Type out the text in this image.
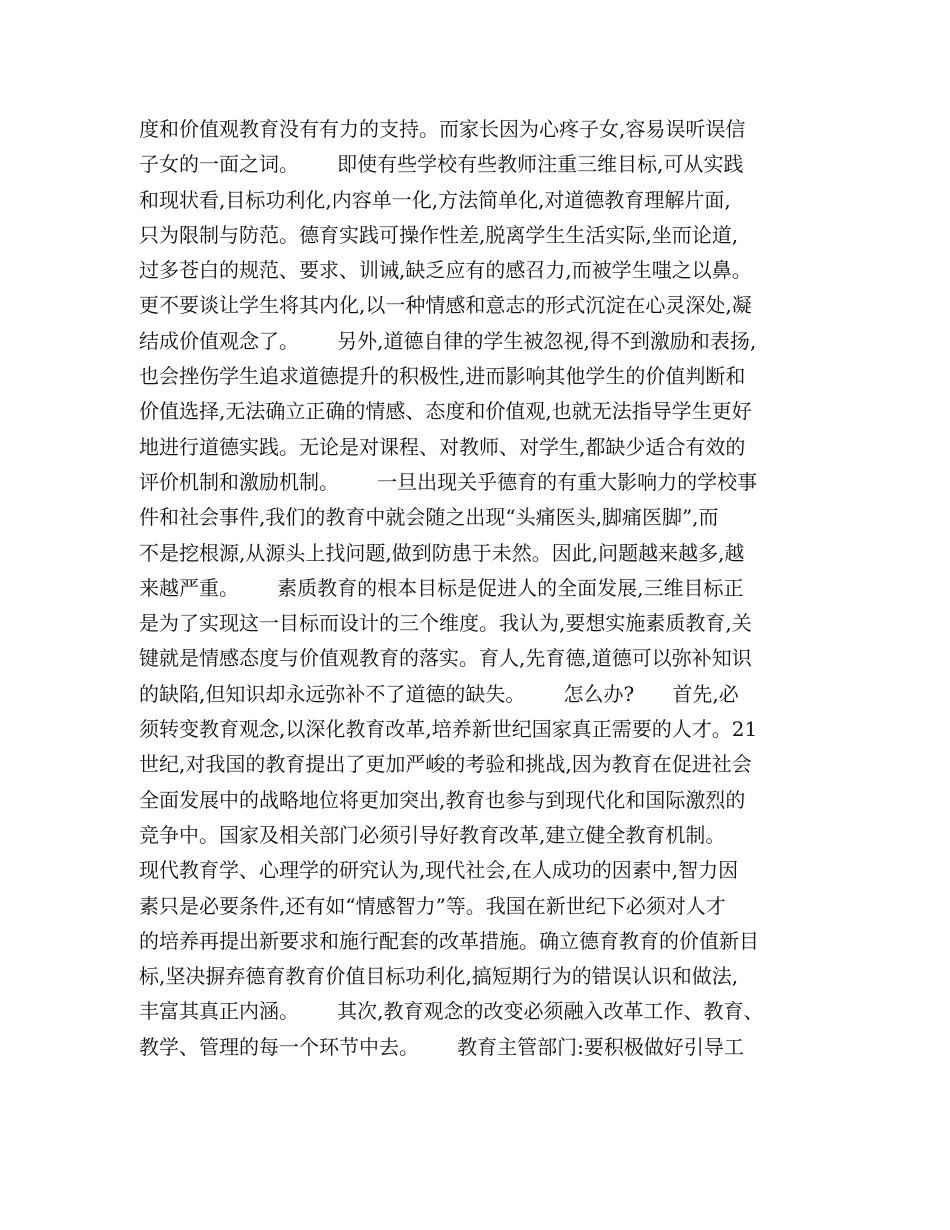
度和价值观教育没有有力的支持。而家长因为心疼子女,容易误听误信
子女的一面之词。      即使有些学校有些教师注重三维目标,可从实践
和现状看,目标功利化,内容单一化,方法简单化,对道德教育理解片面,
只为限制与防范。德育实践可操作性差,脱离学生生活实际,坐而论道,
过多苍白的规范、要求、训诫,缺乏应有的感召力,而被学生嗤之以鼻。
更不要谈让学生将其内化,以一种情感和意志的形式沉淀在心灵深处,凝
结成价值观念了。      另外,道德自律的学生被忽视,得不到激励和表扬,
也会挫伤学生追求道德提升的积极性,进而影响其他学生的价值判断和
价值选择,无法确立正确的情感、态度和价值观,也就无法指导学生更好
地进行道德实践。无论是对课程、对教师、对学生,都缺少适合有效的
评价机制和激励机制。      一旦出现关乎德育的有重大影响力的学校事
件和社会事件,我们的教育中就会随之出现“头痛医头,脚痛医脚”,而
不是挖根源,从源头上找问题,做到防患于未然。因此,问题越来越多,越
来越严重。      素质教育的根本目标是促进人的全面发展,三维目标正
是为了实现这一目标而设计的三个维度。我认为,要想实施素质教育,关
键就是情感态度与价值观教育的落实。育人,先育德,道德可以弥补知识
的缺陷,但知识却永远弥补不了道德的缺失。      怎么办?      首先,必
须转变教育观念,以深化教育改革,培养新世纪国家真正需要的人才。21
世纪,对我国的教育提出了更加严峻的考验和挑战,因为教育在促进社会
全面发展中的战略地位将更加突出,教育也参与到现代化和国际激烈的
竞争中。国家及相关部门必须引导好教育改革,建立健全教育机制。
现代教育学、心理学的研究认为,现代社会,在人成功的因素中,智力因
素只是必要条件,还有如“情感智力”等。我国在新世纪下必须对人才
的培养再提出新要求和施行配套的改革措施。确立德育教育的价值新目
标,坚决摒弃德育教育价值目标功利化,搞短期行为的错误认识和做法,
丰富其真正内涵。      其次,教育观念的改变必须融入改革工作、教育、
教学、管理的每一个环节中去。      教育主管部门:要积极做好引导工
